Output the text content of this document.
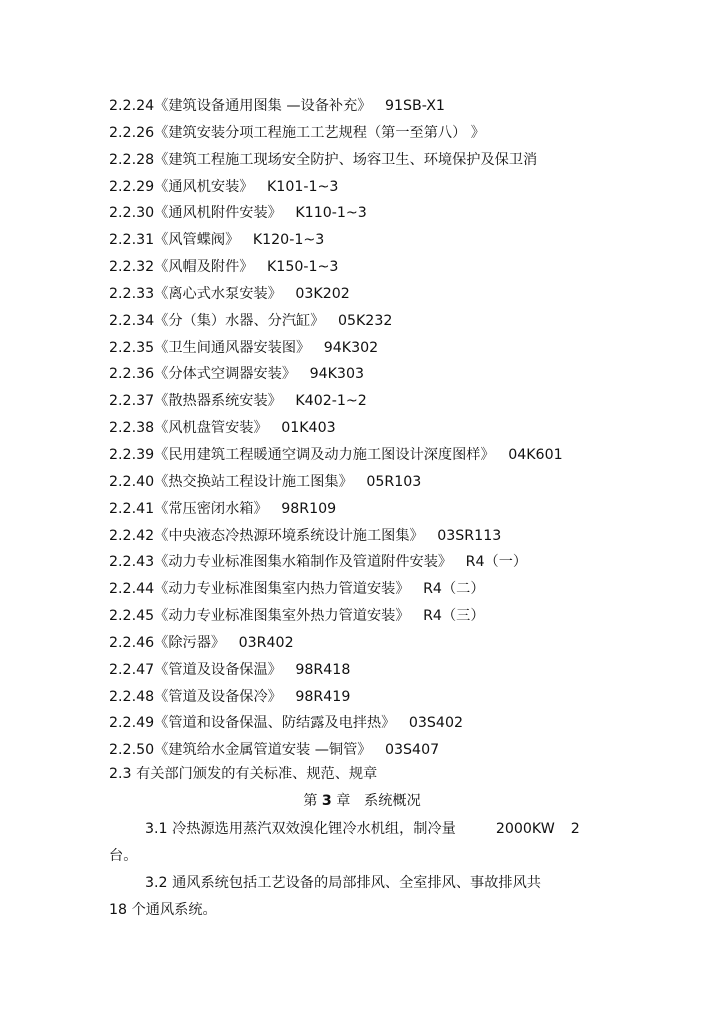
2.2.24《建筑设备通用图集 —设备补充》 91SB-X1
2.2.26《建筑安装分项工程施工工艺规程（第一至第八） 》
2.2.28《建筑工程施工现场安全防护、场容卫生、环境保护及保卫消
2.2.29《通风机安装》 K101-1~3
2.2.30《通风机附件安装》 K110-1~3
2.2.31《风管蝶阀》 K120-1~3
2.2.32《风帽及附件》 K150-1~3
2.2.33《离心式水泵安装》 03K202
2.2.34《分（集）水器、分汽缸》 05K232
2.2.35《卫生间通风器安装图》 94K302
2.2.36《分体式空调器安装》 94K303
2.2.37《散热器系统安装》 K402-1~2
2.2.38《风机盘管安装》 01K403
2.2.39《民用建筑工程暖通空调及动力施工图设计深度图样》 04K601
2.2.40《热交换站工程设计施工图集》 05R103
2.2.41《常压密闭水箱》 98R109
2.2.42《中央液态冷热源环境系统设计施工图集》 03SR113
2.2.43《动力专业标准图集水箱制作及管道附件安装》 R4（一）
2.2.44《动力专业标准图集室内热力管道安装》 R4（二）
2.2.45《动力专业标准图集室外热力管道安装》 R4（三）
2.2.46《除污器》 03R402
2.2.47《管道及设备保温》 98R418
2.2.48《管道及设备保冷》 98R419
2.2.49《管道和设备保温、防结露及电拌热》 03S402
2.2.50《建筑给水金属管道安装 —铜管》 03S407
2.3 有关部门颁发的有关标准、规范、规章
第 3 章 系统概况
3.1 冷热源选用蒸汽双效溴化锂冷水机组，制冷量	2000KW 2
台。
3.2 通风系统包括工艺设备的局部排风、全室排风、事故排风共
18 个通风系统。
